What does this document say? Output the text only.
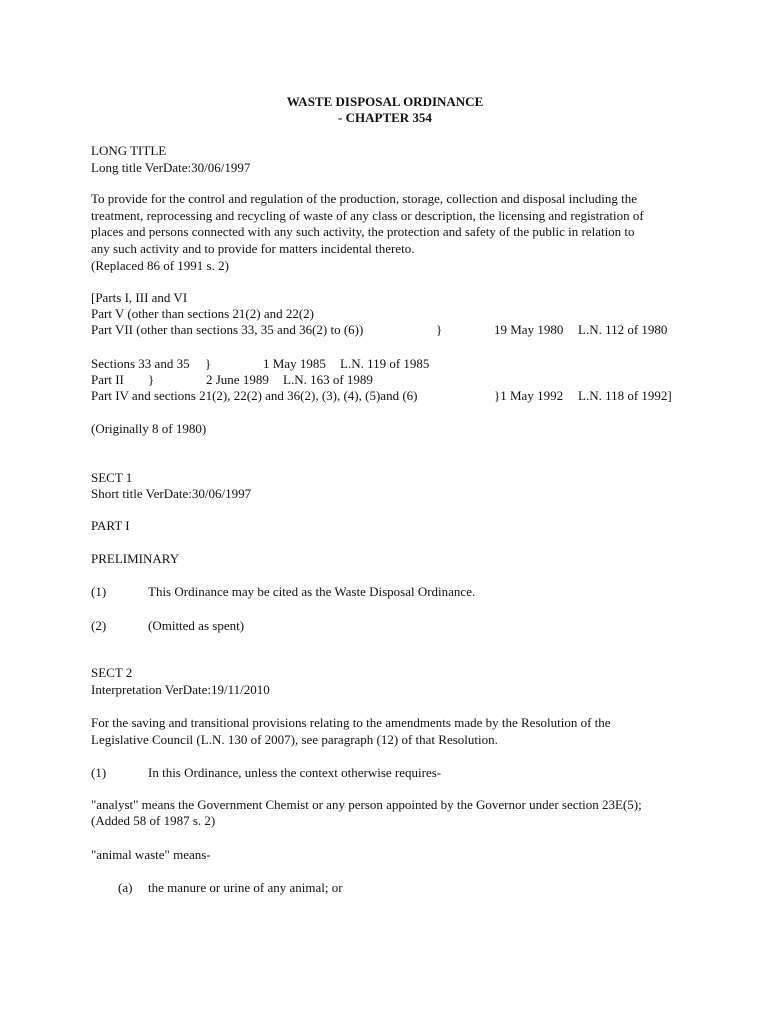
WASTE DISPOSAL ORDINANCE
- CHAPTER 354
LONG TITLE
Long title VerDate:30/06/1997
To provide for the control and regulation of the production, storage, collection and disposal including the
treatment, reprocessing and recycling of waste of any class or description, the licensing and registration of
places and persons connected with any such activity, the protection and safety of the public in relation to
any such activity and to provide for matters incidental thereto.
(Replaced 86 of 1991 s. 2)
[Parts I, III and VI
Part V (other than sections 21(2) and 22(2)
Part VII (other than sections 33, 35 and 36(2) to (6))	}	19 May 1980 L.N. 112 of 1980
Sections 33 and 35 }	1 May 1985 L.N. 119 of 1985
Part II }	2 June 1989 L.N. 163 of 1989
Part IV and sections 21(2), 22(2) and 36(2), (3), (4), (5)and (6)	}1 May 1992 L.N. 118 of 1992]
(Originally 8 of 1980)
SECT 1
Short title VerDate:30/06/1997
PART I
PRELIMINARY
(1)	This Ordinance may be cited as the Waste Disposal Ordinance.
(2)	(Omitted as spent)
SECT 2
Interpretation VerDate:19/11/2010
For the saving and transitional provisions relating to the amendments made by the Resolution of the
Legislative Council (L.N. 130 of 2007), see paragraph (12) of that Resolution.
(1)	In this Ordinance, unless the context otherwise requires-
"analyst" means the Government Chemist or any person appointed by the Governor under section 23E(5);
(Added 58 of 1987 s. 2)
"animal waste" means-
(a) the manure or urine of any animal; or
